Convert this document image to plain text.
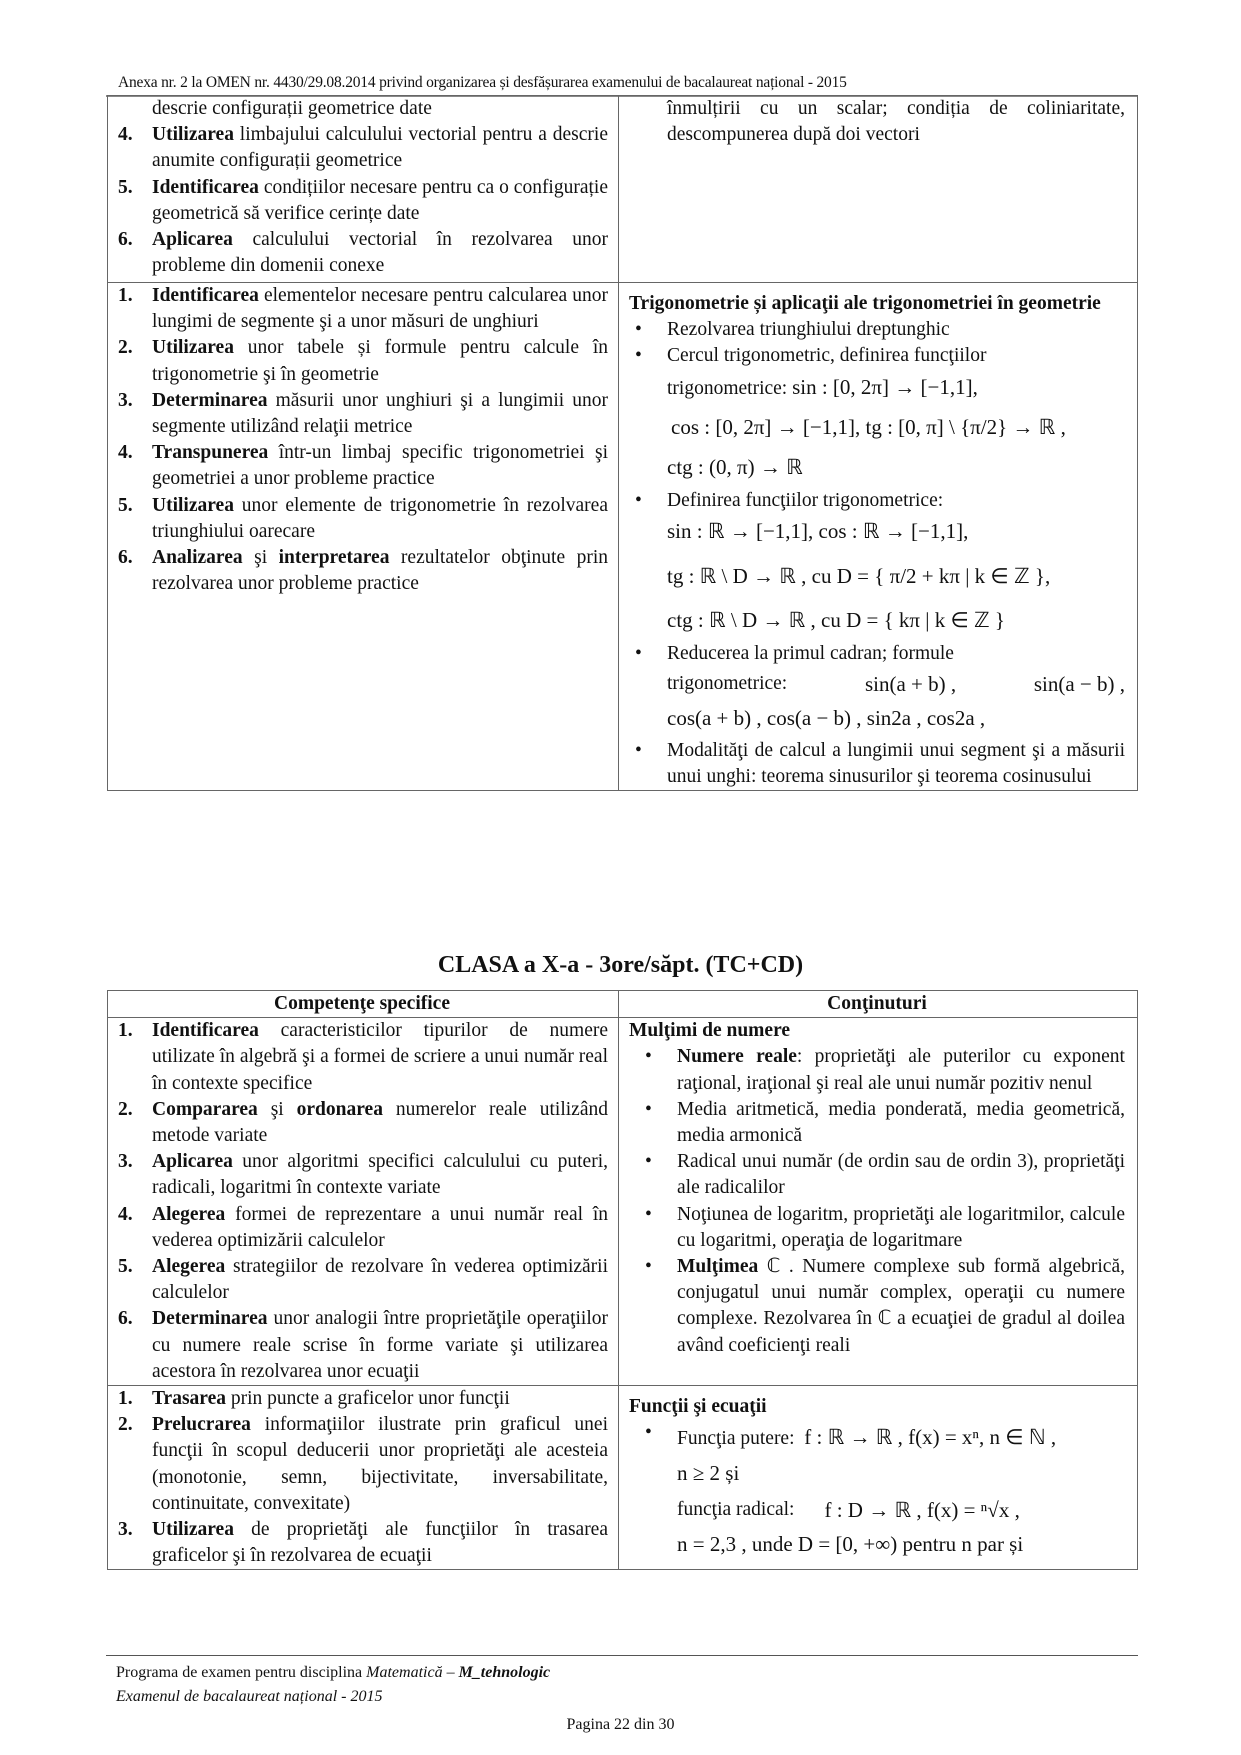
Anexa nr. 2 la OMEN nr. 4430/29.08.2014 privind organizarea și desfășurarea examenului de bacalaureat național - 2015
descrie configurații geometrice date
4. Utilizarea limbajului calculului vectorial pentru a descrie anumite configurații geometrice
5. Identificarea condițiilor necesare pentru ca o configurație geometrică să verifice cerințe date
6. Aplicarea calculului vectorial în rezolvarea unor probleme din domenii conexe

înmulțirii cu un scalar; condiția de coliniaritate, descompunerea după doi vectori

1. Identificarea elementelor necesare pentru calcularea unor lungimi de segmente şi a unor măsuri de unghiuri
2. Utilizarea unor tabele și formule pentru calcule în trigonometrie şi în geometrie
3. Determinarea măsurii unor unghiuri şi a lungimii unor segmente utilizând relaţii metrice
4. Transpunerea într-un limbaj specific trigonometriei şi geometriei a unor probleme practice
5. Utilizarea unor elemente de trigonometrie în rezolvarea triunghiului oarecare
6. Analizarea şi interpretarea rezultatelor obţinute prin rezolvarea unor probleme practice

Trigonometrie și aplicaţii ale trigonometriei în geometrie
• Rezolvarea triunghiului dreptunghic
• Cercul trigonometric, definirea funcţiilor
trigonometrice: sin : [0, 2π] → [−1,1],
cos : [0, 2π] → [−1,1], tg : [0, π] \ {π/2} → ℝ ,
ctg : (0, π) → ℝ
• Definirea funcţiilor trigonometrice:
sin : ℝ → [−1,1], cos : ℝ → [−1,1],
tg : ℝ \ D → ℝ , cu D = { π/2 + kπ | k ∈ ℤ },
ctg : ℝ \ D → ℝ , cu D = { kπ | k ∈ ℤ }
• Reducerea la primul cadran; formule
trigonometrice:	sin(a + b) ,	sin(a − b) ,
cos(a + b) , cos(a − b) , sin2a , cos2a ,
• Modalităţi de calcul a lungimii unui segment şi a măsurii unui unghi: teorema sinusurilor şi teorema cosinusului
CLASA a X-a - 3ore/săpt. (TC+CD)
Competenţe specifice	Conţinuturi

1. Identificarea caracteristicilor tipurilor de numere utilizate în algebră şi a formei de scriere a unui număr real în contexte specifice
2. Compararea şi ordonarea numerelor reale utilizând metode variate
3. Aplicarea unor algoritmi specifici calculului cu puteri, radicali, logaritmi în contexte variate
4. Alegerea formei de reprezentare a unui număr real în vederea optimizării calculelor
5. Alegerea strategiilor de rezolvare în vederea optimizării calculelor
6. Determinarea unor analogii între proprietăţile operaţiilor cu numere reale scrise în forme variate şi utilizarea acestora în rezolvarea unor ecuaţii

Mulţimi de numere
• Numere reale: proprietăţi ale puterilor cu exponent raţional, iraţional şi real ale unui număr pozitiv nenul
• Media aritmetică, media ponderată, media geometrică, media armonică
• Radical unui număr (de ordin sau de ordin 3), proprietăţi ale radicalilor
• Noţiunea de logaritm, proprietăţi ale logaritmilor, calcule cu logaritmi, operaţia de logaritmare
• Mulţimea ℂ . Numere complexe sub formă algebrică, conjugatul unui număr complex, operaţii cu numere complexe. Rezolvarea în ℂ a ecuaţiei de gradul al doilea având coeficienţi reali

1. Trasarea prin puncte a graficelor unor funcţii
2. Prelucrarea informaţiilor ilustrate prin graficul unei funcţii în scopul deducerii unor proprietăţi ale acesteia (monotonie, semn, bijectivitate, inversabilitate, continuitate, convexitate)
3. Utilizarea de proprietăţi ale funcţiilor în trasarea graficelor şi în rezolvarea de ecuaţii

Funcţii şi ecuaţii
• Funcţia putere: f : ℝ → ℝ , f(x) = xⁿ, n ∈ ℕ ,
n ≥ 2 și
funcţia radical: f : D → ℝ , f(x) = ⁿ√x ,
n = 2,3 , unde D = [0, +∞) pentru n par și
Programa de examen pentru disciplina Matematică – M_tehnologic
Examenul de bacalaureat național - 2015
Pagina 22 din 30
